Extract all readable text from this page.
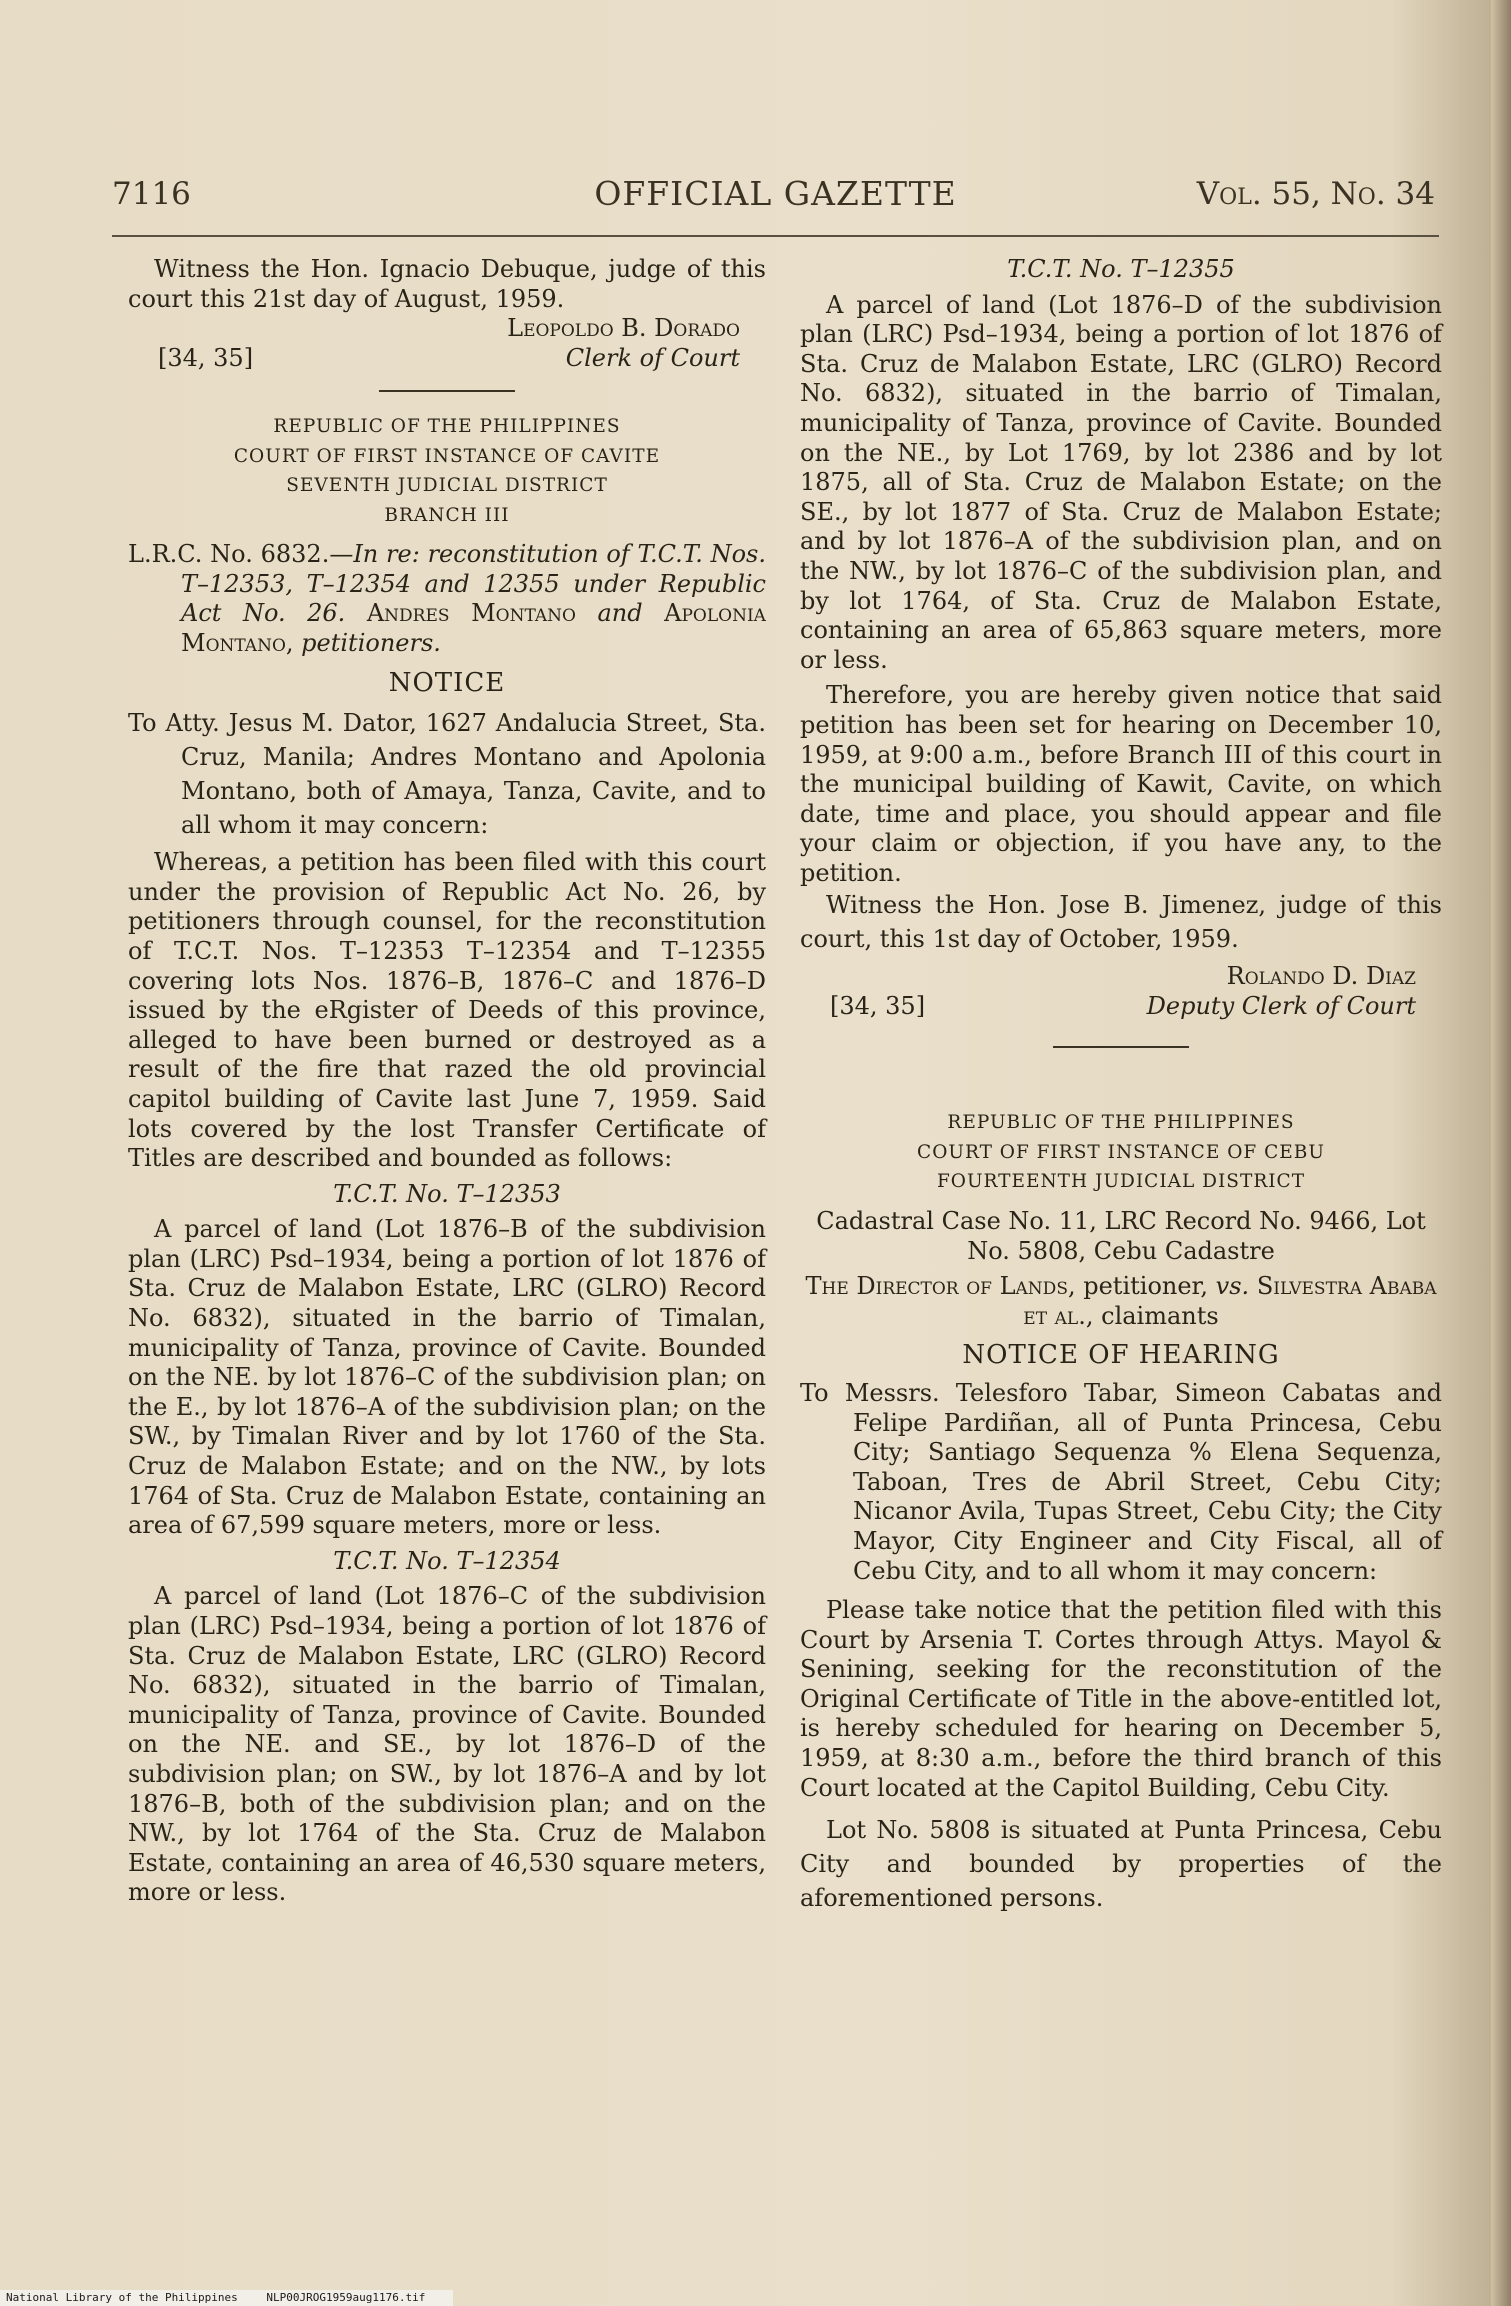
7116	OFFICIAL GAZETTE	Vol. 55, No. 34

Witness the Hon. Ignacio Debuque, judge of this court this 21st day of August, 1959.

Leopoldo B. Dorado
[34, 35]	Clerk of Court
REPUBLIC OF THE PHILIPPINES
COURT OF FIRST INSTANCE OF CAVITE
SEVENTH JUDICIAL DISTRICT
BRANCH III

L.R.C. No. 6832.—In re: reconstitution of T.C.T. Nos. T–12353, T–12354 and 12355 under Republic Act No. 26. Andres Montano and Apolonia Montano, petitioners.

NOTICE

To Atty. Jesus M. Dator, 1627 Andalucia Street, Sta. Cruz, Manila; Andres Montano and Apolonia Montano, both of Amaya, Tanza, Cavite, and to all whom it may concern:

Whereas, a petition has been filed with this court under the provision of Republic Act No. 26, by petitioners through counsel, for the reconstitution of T.C.T. Nos. T–12353 T–12354 and T–12355 covering lots Nos. 1876–B, 1876–C and 1876–D issued by the eRgister of Deeds of this province, alleged to have been burned or destroyed as a result of the fire that razed the old provincial capitol building of Cavite last June 7, 1959. Said lots covered by the lost Transfer Certificate of Titles are described and bounded as follows:

T.C.T. No. T–12353

A parcel of land (Lot 1876–B of the subdivision plan (LRC) Psd–1934, being a portion of lot 1876 of Sta. Cruz de Malabon Estate, LRC (GLRO) Record No. 6832), situated in the barrio of Timalan, municipality of Tanza, province of Cavite. Bounded on the NE. by lot 1876–C of the subdivision plan; on the E., by lot 1876–A of the subdivision plan; on the SW., by Timalan River and by lot 1760 of the Sta. Cruz de Malabon Estate; and on the NW., by lots 1764 of Sta. Cruz de Malabon Estate, containing an area of 67,599 square meters, more or less.

T.C.T. No. T–12354

A parcel of land (Lot 1876–C of the subdivision plan (LRC) Psd–1934, being a portion of lot 1876 of Sta. Cruz de Malabon Estate, LRC (GLRO) Record No. 6832), situated in the barrio of Timalan, municipality of Tanza, province of Cavite. Bounded on the NE. and SE., by lot 1876–D of the subdivision plan; on SW., by lot 1876–A and by lot 1876–B, both of the subdivision plan; and on the NW., by lot 1764 of the Sta. Cruz de Malabon Estate, containing an area of 46,530 square meters, more or less.

T.C.T. No. T–12355

A parcel of land (Lot 1876–D of the subdivision plan (LRC) Psd–1934, being a portion of lot 1876 of Sta. Cruz de Malabon Estate, LRC (GLRO) Record No. 6832), situated in the barrio of Timalan, municipality of Tanza, province of Cavite. Bounded on the NE., by Lot 1769, by lot 2386 and by lot 1875, all of Sta. Cruz de Malabon Estate; on the SE., by lot 1877 of Sta. Cruz de Malabon Estate; and by lot 1876–A of the subdivision plan, and on the NW., by lot 1876–C of the subdivision plan, and by lot 1764, of Sta. Cruz de Malabon Estate, containing an area of 65,863 square meters, more or less.

Therefore, you are hereby given notice that said petition has been set for hearing on December 10, 1959, at 9:00 a.m., before Branch III of this court in the municipal building of Kawit, Cavite, on which date, time and place, you should appear and file your claim or objection, if you have any, to the petition.

Witness the Hon. Jose B. Jimenez, judge of this court, this 1st day of October, 1959.

Rolando D. Diaz
[34, 35]	Deputy Clerk of Court
REPUBLIC OF THE PHILIPPINES
COURT OF FIRST INSTANCE OF CEBU
FOURTEENTH JUDICIAL DISTRICT

Cadastral Case No. 11, LRC Record No. 9466, Lot No. 5808, Cebu Cadastre

The Director of Lands, petitioner, vs. Silvestra Ababa et al., claimants

NOTICE OF HEARING

To Messrs. Telesforo Tabar, Simeon Cabatas and Felipe Pardiñan, all of Punta Princesa, Cebu City; Santiago Sequenza % Elena Sequenza, Taboan, Tres de Abril Street, Cebu City; Nicanor Avila, Tupas Street, Cebu City; the City Mayor, City Engineer and City Fiscal, all of Cebu City, and to all whom it may concern:

Please take notice that the petition filed with this Court by Arsenia T. Cortes through Attys. Mayol & Senining, seeking for the reconstitution of the Original Certificate of Title in the above-entitled lot, is hereby scheduled for hearing on December 5, 1959, at 8:30 a.m., before the third branch of this Court located at the Capitol Building, Cebu City.

Lot No. 5808 is situated at Punta Princesa, Cebu City and bounded by properties of the aforementioned persons.

National Library of the Philippines	NLP00JROG1959aug1176.tif
